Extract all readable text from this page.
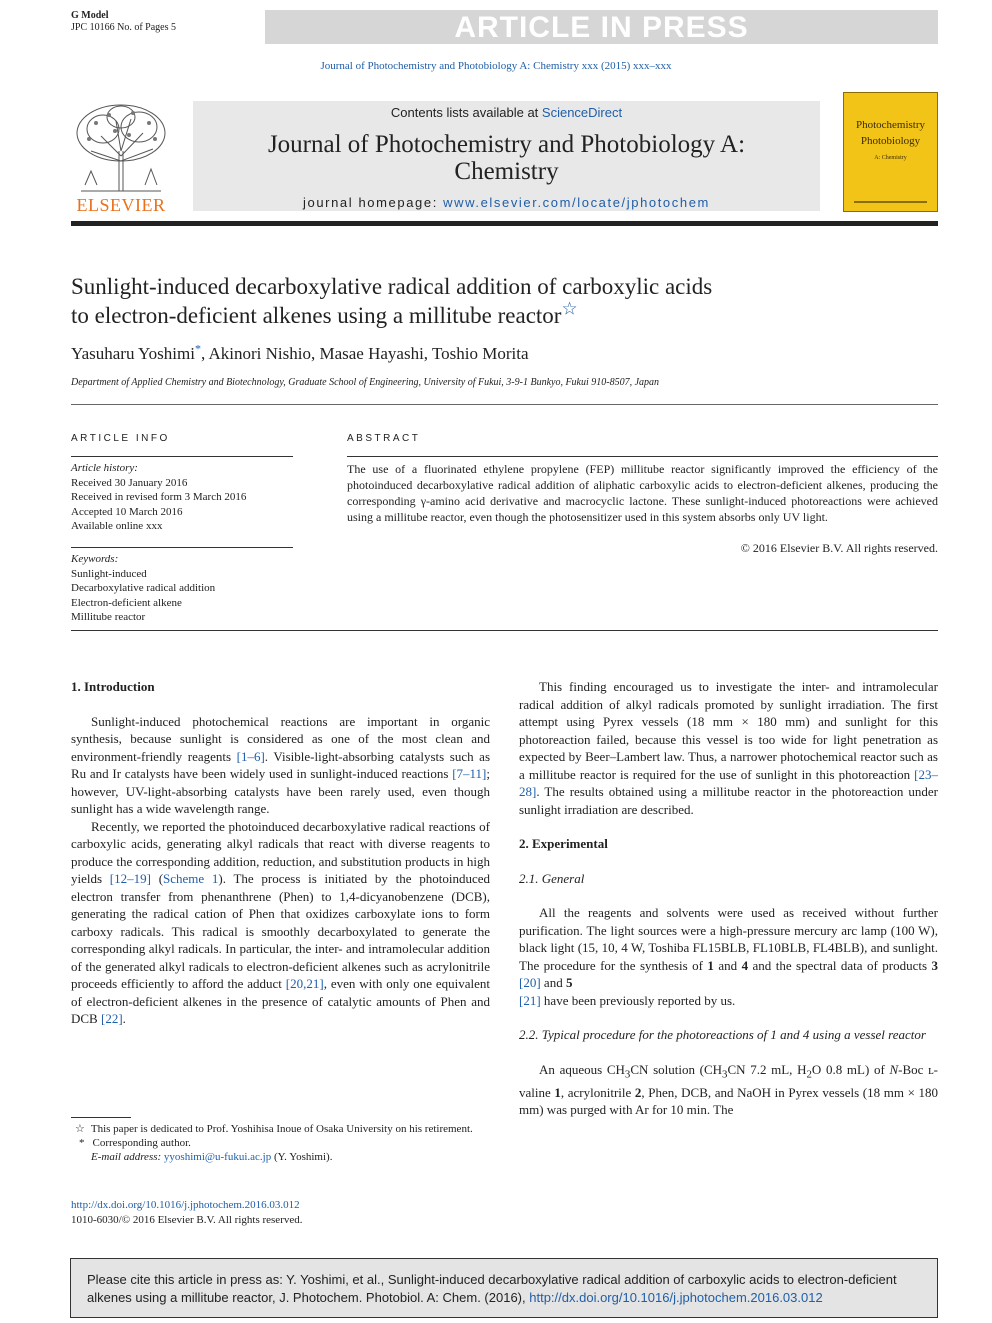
G Model
JPC 10166 No. of Pages 5	ARTICLE IN PRESS
Journal of Photochemistry and Photobiology A: Chemistry xxx (2015) xxx–xxx
ELSEVIER
Contents lists available at ScienceDirect
Journal of Photochemistry and Photobiology A:
Chemistry
journal homepage: www.elsevier.com/locate/jphotochem
Photochemistry
Photobiology
A: Chemistry
Sunlight-induced decarboxylative radical addition of carboxylic acids
to electron-deficient alkenes using a millitube reactor☆
Yasuharu Yoshimi*, Akinori Nishio, Masae Hayashi, Toshio Morita
Department of Applied Chemistry and Biotechnology, Graduate School of Engineering, University of Fukui, 3-9-1 Bunkyo, Fukui 910-8507, Japan
ARTICLE INFO
Article history:
Received 30 January 2016
Received in revised form 3 March 2016
Accepted 10 March 2016
Available online xxx
Keywords:
Sunlight-induced
Decarboxylative radical addition
Electron-deficient alkene
Millitube reactor
ABSTRACT
The use of a fluorinated ethylene propylene (FEP) millitube reactor significantly improved the efficiency of the photoinduced decarboxylative radical addition of aliphatic carboxylic acids to electron-deficient alkenes, producing the corresponding γ-amino acid derivative and macrocyclic lactone. These sunlight-induced photoreactions were achieved using a millitube reactor, even though the photosensitizer used in this system absorbs only UV light.
© 2016 Elsevier B.V. All rights reserved.
1. Introduction

Sunlight-induced photochemical reactions are important in organic synthesis, because sunlight is considered as one of the most clean and environment-friendly reagents [1–6]. Visible-light-absorbing catalysts such as Ru and Ir catalysts have been widely used in sunlight-induced reactions [7–11]; however, UV-light-absorbing catalysts have been rarely used, even though sunlight has a wide wavelength range.

Recently, we reported the photoinduced decarboxylative radical reactions of carboxylic acids, generating alkyl radicals that react with diverse reagents to produce the corresponding addition, reduction, and substitution products in high yields [12–19] (Scheme 1). The process is initiated by the photoinduced electron transfer from phenanthrene (Phen) to 1,4-dicyanobenzene (DCB), generating the radical cation of Phen that oxidizes carboxylate ions to form carboxy radicals. This radical is smoothly decarboxylated to generate the corresponding alkyl radicals. In particular, the inter- and intramolecular addition of the generated alkyl radicals to electron-deficient alkenes such as acrylonitrile proceeds efficiently to afford the adduct [20,21], even with only one equivalent of electron-deficient alkenes in the presence of catalytic amounts of Phen and DCB [22].

This finding encouraged us to investigate the inter- and intramolecular radical addition of alkyl radicals promoted by sunlight irradiation. The first attempt using Pyrex vessels (18 mm × 180 mm) and sunlight for this photoreaction failed, because this vessel is too wide for light penetration as expected by Beer–Lambert law. Thus, a narrower photochemical reactor such as a millitube reactor is required for the use of sunlight in this photoreaction [23–28]. The results obtained using a millitube reactor in the photoreaction under sunlight irradiation are described.

2. Experimental
2.1. General

All the reagents and solvents were used as received without further purification. The light sources were a high-pressure mercury arc lamp (100 W), black light (15, 10, 4 W, Toshiba FL15BLB, FL10BLB, FL4BLB), and sunlight. The procedure for the synthesis of 1 and 4 and the spectral data of products 3 [20] and 5
[21] have been previously reported by us.

2.2. Typical procedure for the photoreactions of 1 and 4 using a vessel reactor

An aqueous $CH_3CN$ solution ($CH_3CN$ 7.2 mL, $H_2O$ 0.8 mL) of N-Boc ʟ-valine 1, acrylonitrile 2, Phen, DCB, and NaOH in Pyrex vessels (18 mm × 180 mm) was purged with Ar for 10 min. The

☆ This paper is dedicated to Prof. Yoshihisa Inoue of Osaka University on his retirement.
* Corresponding author.
E-mail address: yyoshimi@u-fukui.ac.jp (Y. Yoshimi).
http://dx.doi.org/10.1016/j.jphotochem.2016.03.012
1010-6030/© 2016 Elsevier B.V. All rights reserved.
Please cite this article in press as: Y. Yoshimi, et al., Sunlight-induced decarboxylative radical addition of carboxylic acids to electron-deficient alkenes using a millitube reactor, J. Photochem. Photobiol. A: Chem. (2016), http://dx.doi.org/10.1016/j.jphotochem.2016.03.012
